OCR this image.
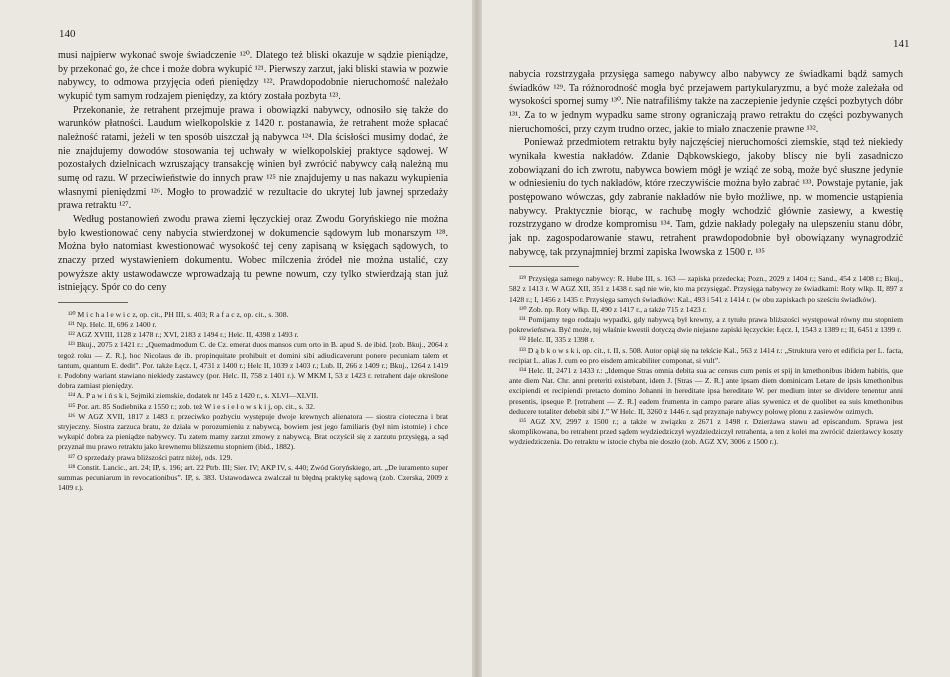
140

musi najpierw wykonać swoje świadczenie ¹²⁰. Dlatego też bliski okazuje w sądzie pieniądze, by przekonać go, że chce i może dobra wykupić ¹²¹. Pierwszy zarzut, jaki bliski stawia w pozwie nabywcy, to odmowa przyjęcia odeń pieniędzy ¹²². Prawdopodobnie nieruchomość należało wykupić tym samym rodzajem pieniędzy, za który została pozbyta ¹²³.

Przekonanie, że retrahent przejmuje prawa i obowiązki nabywcy, odnosiło się także do warunków płatności. Laudum wielkopolskie z 1420 r. postanawia, że retrahent może spłacać należność ratami, jeżeli w ten sposób uiszczał ją nabywca ¹²⁴. Dla ścisłości musimy dodać, że nie znajdujemy dowodów stosowania tej uchwały w wielkopolskiej praktyce sądowej. W pozostałych dzielnicach wzruszający transakcję winien był zwrócić nabywcy całą należną mu sumę od razu. W przeciwieństwie do innych praw ¹²⁵ nie znajdujemy u nas nakazu wykupienia własnymi pieniędzmi ¹²⁶. Mogło to prowadzić w rezultacie do ukrytej lub jawnej sprzedaży prawa retraktu ¹²⁷.

Według postanowień zwodu prawa ziemi łęczyckiej oraz Zwodu Goryńskiego nie można było kwestionować ceny nabycia stwierdzonej w dokumencie sądowym lub monarszym ¹²⁸. Można było natomiast kwestionować wysokość tej ceny zapisaną w księgach sądowych, to znaczy przed wystawieniem dokumentu. Wobec milczenia źródeł nie można ustalić, czy powyższe akty ustawodawcze wprowadzają tu pewne nowum, czy tylko stwierdzają stan już istniejący. Spór co do ceny

¹²⁰ M i c h a l e w i c z, op. cit., PH III, s. 403; R a f a c z, op. cit., s. 308.

¹²¹ Np. Helc. II, 696 z 1400 r.

¹²² AGZ XVIII, 1128 z 1478 r.; XVI, 2183 z 1494 r.; Helc. II, 4398 z 1493 r.

¹²³ Bkuj., 2075 z 1421 r.: „Quemadmodum C. de Cz. emerat duos mansos cum orto in B. apud S. de ibid. [zob. Bkuj., 2064 z tegoż roku — Z. R.], hoc Nicolaus de ib. propinquitate prohibuit et domini sibi adiudicaverunt ponere pecuniam talem et tantum, quantum E. dedit”. Por. także Łęcz. I, 4731 z 1400 r.; Helc II, 1039 z 1403 r.; Lub. II, 266 z 1409 r.; Bkuj., 1264 z 1419 r. Podobny wariant stawiano niekiedy zastawcy (por. Helc. II, 758 z 1401 r.). W MKM I, 53 z 1423 r. retrahent daje określone dobra zamiast pieniędzy.

¹²⁴ A. P a w i ń s k i, Sejmiki ziemskie, dodatek nr 145 z 1420 r., s. XLVI—XLVII.

¹²⁵ Por. art. 85 Sudiebnika z 1550 r.; zob. też W i e s i e ł o w s k i j, op. cit., s. 32.

¹²⁶ W AGZ XVII, 1817 z 1483 r. przeciwko pozbyciu występuje dwoje krewnych alienatora — siostra cioteczna i brat stryjeczny. Siostra zarzuca bratu, że działa w porozumieniu z nabywcą, bowiem jest jego familiaris (był nim istotnie) i chce wykupić dobra za pieniądze nabywcy. Tu zatem mamy zarzut zmowy z nabywcą. Brat oczyścił się z zarzutu przysięgą, a sąd przyznał mu prawo retraktu jako krewnemu bliższemu stopniem (ibid., 1882).

¹²⁷ O sprzedaży prawa bliższości patrz niżej, ods. 129.

¹²⁸ Constit. Lancic., art. 24; IP, s. 196; art. 22 Ptrb. III; Sier. IV; AKP IV, s. 440; Zwód Goryńskiego, art. „De iuramento super summas pecuniarum in revocationibus”. IP, s. 383. Ustawodawca zwalczał tu błędną praktykę sądową (zob. Czerska, 2009 z 1409 r.).

141

nabycia rozstrzygała przysięga samego nabywcy albo nabywcy ze świadkami bądź samych świadków ¹²⁹. Ta różnorodność mogła być przejawem partykularyzmu, a być może zależała od wysokości spornej sumy ¹³⁰. Nie natrafiliśmy także na zaczepienie jedynie części pozbytych dóbr ¹³¹. Za to w jednym wypadku same strony ograniczają prawo retraktu do części pozbywanych nieruchomości, przy czym trudno orzec, jakie to miało znaczenie prawne ¹³².

Ponieważ przedmiotem retraktu były najczęściej nieruchomości ziemskie, stąd też niekiedy wynikała kwestia nakładów. Zdanie Dąbkowskiego, jakoby bliscy nie byli zasadniczo zobowiązani do ich zwrotu, nabywca bowiem mógł je wziąć ze sobą, może być słuszne jedynie w odniesieniu do tych nakładów, które rzeczywiście można było zabrać ¹³³. Powstaje pytanie, jak postępowano wówczas, gdy zabranie nakładów nie było możliwe, np. w momencie ustąpienia nabywcy. Praktycznie biorąc, w rachubę mogły wchodzić głównie zasiewy, a kwestię rozstrzygano w drodze kompromisu ¹³⁴. Tam, gdzie nakłady polegały na ulepszeniu stanu dóbr, jak np. zagospodarowanie stawu, retrahent prawdopodobnie był obowiązany wynagrodzić nabywcę, tak przynajmniej brzmi zapiska lwowska z 1500 r. ¹³⁵

¹²⁹ Przysięga samego nabywcy: R. Hube III, s. 163 — zapiska przedecka; Pozn., 2029 z 1404 r.; Sand., 454 z 1408 r.; Bkuj., 582 z 1413 r. W AGZ XII, 351 z 1438 r. sąd nie wie, kto ma przysięgać. Przysięga nabywcy ze świadkami: Roty wlkp. II, 897 z 1428 r.; I, 1456 z 1435 r. Przysięga samych świadków: Kal., 493 i 541 z 1414 r. (w obu zapiskach po sześciu świadków).

¹³⁰ Zob. np. Roty wlkp. II, 490 z 1417 r., a także 715 z 1423 r.

¹³¹ Pomijamy tego rodzaju wypadki, gdy nabywcą był krewny, a z tytułu prawa bliższości występował równy mu stopniem pokrewieństwa. Być może, tej właśnie kwestii dotyczą dwie niejasne zapiski łęczyckie: Łęcz. I, 1543 z 1389 r.; II, 6451 z 1399 r.

¹³² Helc. II, 335 z 1398 r.

¹³³ D ą b k o w s k i, op. cit., t. II, s. 508. Autor opiął się na tekście Kal., 563 z 1414 r.: „Struktura vero et edificia per L. facta, recipiat L. alias J. cum eo pro eisdem amicabiliter componat, si vult”.

¹³⁴ Helc. II, 2471 z 1433 r.: „Idemque Stras omnia debita sua ac census cum penis et spij in kmethonibus ibidem habitis, que ante diem Nat. Chr. anni preteriti existebant, idem J. [Stras — Z. R.] ante ipsam diem dominicam Letare de ipsis kmethonibus excipiendi et recipiendi pretacto domino Johanni in hereditate ipsa hereditate W. per medium inter se dividere tenentur anni presentis, ipseque P. [retrahent — Z. R.] eadem frumenta in campo parare alias sywenicz et de quolibet ea suis kmethonibus deducere totaliter debebit sibi J.” W Helc. II, 3260 z 1446 r. sąd przyznaje nabywcy połowę plonu z zasiewów ozimych.

¹³⁵ AGZ XV, 2997 z 1500 r.; a także w związku z 2671 z 1498 r. Dzierżawa stawu ad episcandum. Sprawa jest skomplikowana, bo retrahent przed sądem wydziedziczył wyzdziedziczył retrahenta, a ten z kolei ma zwrócić dzierżawcy koszty wydziedziczenia. Do retraktu w istocie chyba nie doszło (zob. AGZ XV, 3006 z 1500 r.).
